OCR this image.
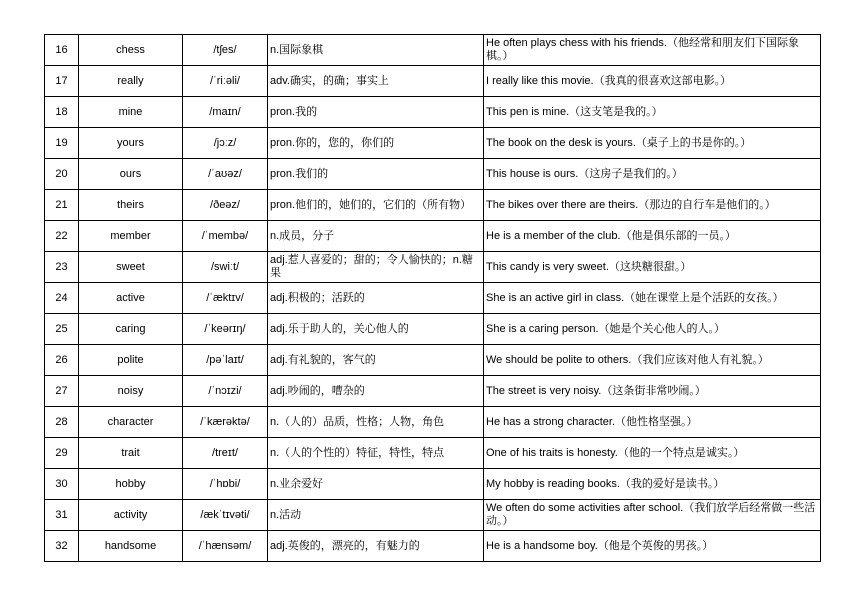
16	chess	/tʃes/	n.国际象棋	He often plays chess with his friends.（他经常和朋友们下国际象棋。）
17	really	/ˈriːəli/	adv.确实，的确；事实上	I really like this movie.（我真的很喜欢这部电影。）
18	mine	/maɪn/	pron.我的	This pen is mine.（这支笔是我的。）
19	yours	/jɔːz/	pron.你的，您的，你们的	The book on the desk is yours.（桌子上的书是你的。）
20	ours	/ˈaʊəz/	pron.我们的	This house is ours.（这房子是我们的。）
21	theirs	/ðeəz/	pron.他们的，她们的，它们的（所有物）	The bikes over there are theirs.（那边的自行车是他们的。）
22	member	/ˈmembə/	n.成员，分子	He is a member of the club.（他是俱乐部的一员。）
23	sweet	/swiːt/	adj.惹人喜爱的；甜的；令人愉快的；n.糖果	This candy is very sweet.（这块糖很甜。）
24	active	/ˈæktɪv/	adj.积极的；活跃的	She is an active girl in class.（她在课堂上是个活跃的女孩。）
25	caring	/ˈkeərɪŋ/	adj.乐于助人的，关心他人的	She is a caring person.（她是个关心他人的人。）
26	polite	/pəˈlaɪt/	adj.有礼貌的，客气的	We should be polite to others.（我们应该对他人有礼貌。）
27	noisy	/ˈnɔɪzi/	adj.吵闹的，嘈杂的	The street is very noisy.（这条街非常吵闹。）
28	character	/ˈkærəktə/	n.（人的）品质，性格；人物，角色	He has a strong character.（他性格坚强。）
29	trait	/treɪt/	n.（人的个性的）特征，特性，特点	One of his traits is honesty.（他的一个特点是诚实。）
30	hobby	/ˈhɒbi/	n.业余爱好	My hobby is reading books.（我的爱好是读书。）
31	activity	/ækˈtɪvəti/	n.活动	We often do some activities after school.（我们放学后经常做一些活动。）
32	handsome	/ˈhænsəm/	adj.英俊的，漂亮的，有魅力的	He is a handsome boy.（他是个英俊的男孩。）
